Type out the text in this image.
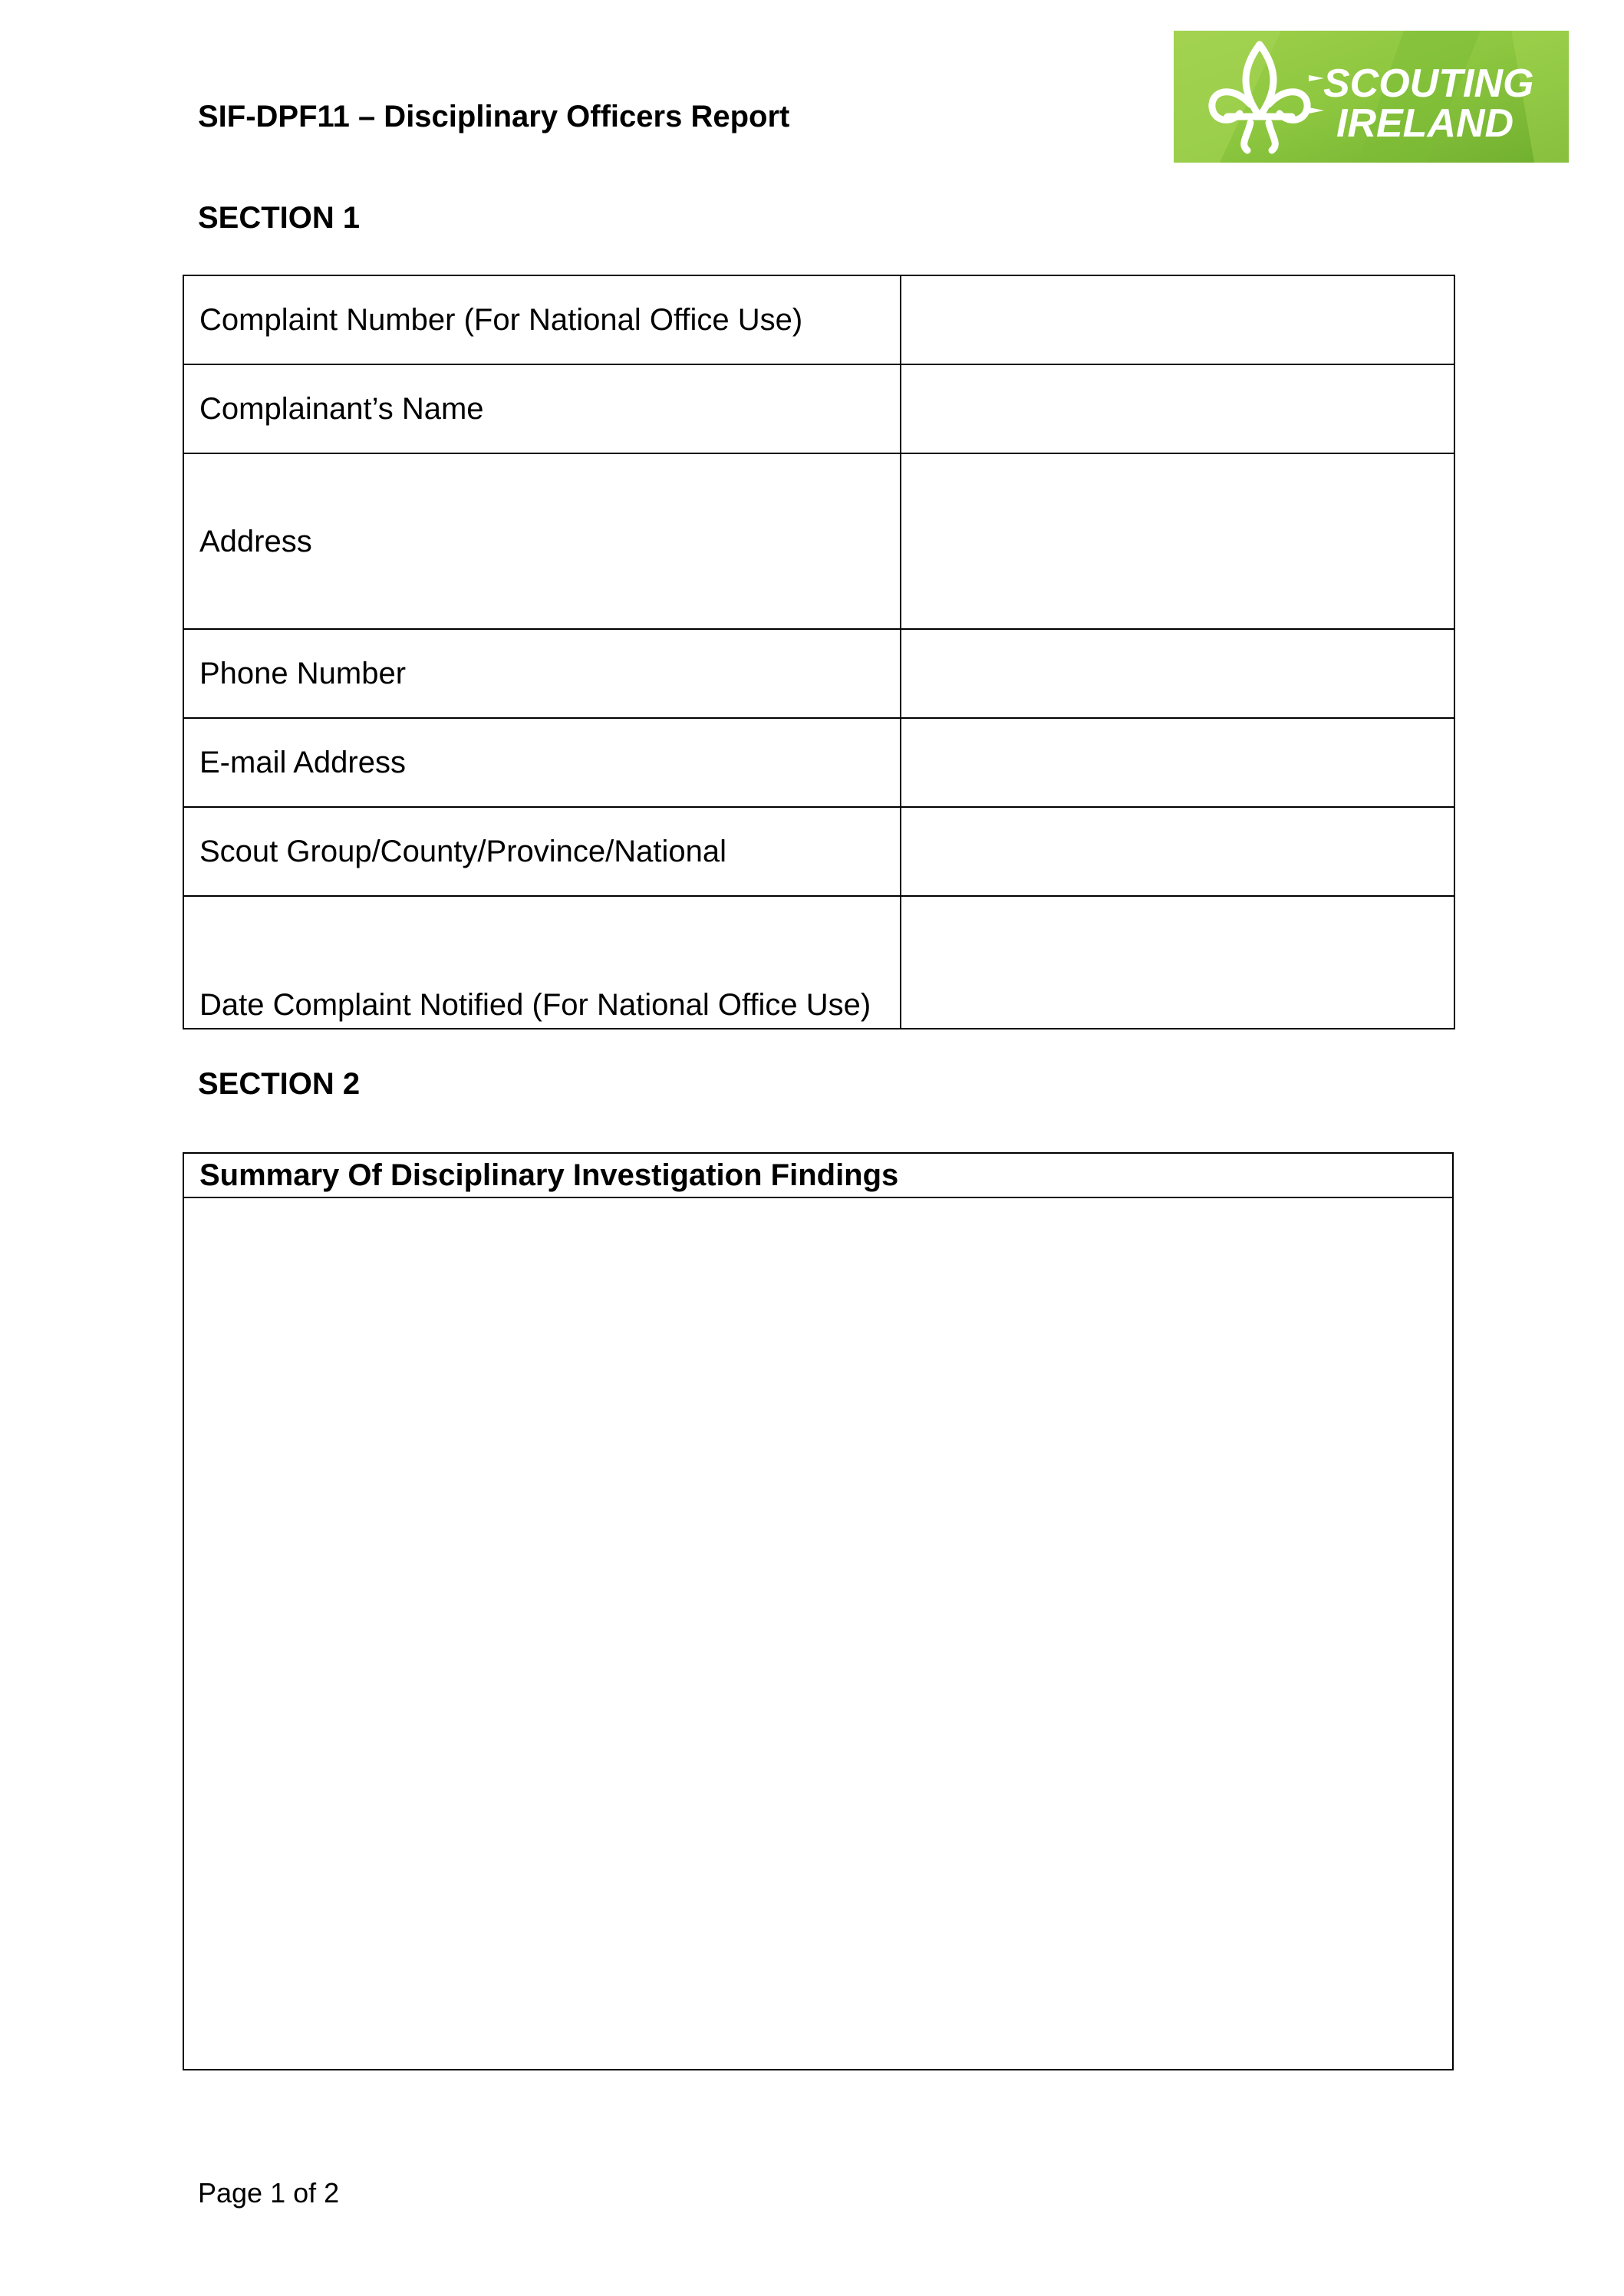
SIF-DPF11 – Disciplinary Officers Report
SCOUTING
IRELAND
SECTION 1
Complaint Number (For National Office Use)	
Complainant’s Name	
Address	
Phone Number	
E-mail Address	
Scout Group/County/Province/National	
Date Complaint Notified (For National Office Use)	
SECTION 2
Summary Of Disciplinary Investigation Findings
Page 1 of 2
